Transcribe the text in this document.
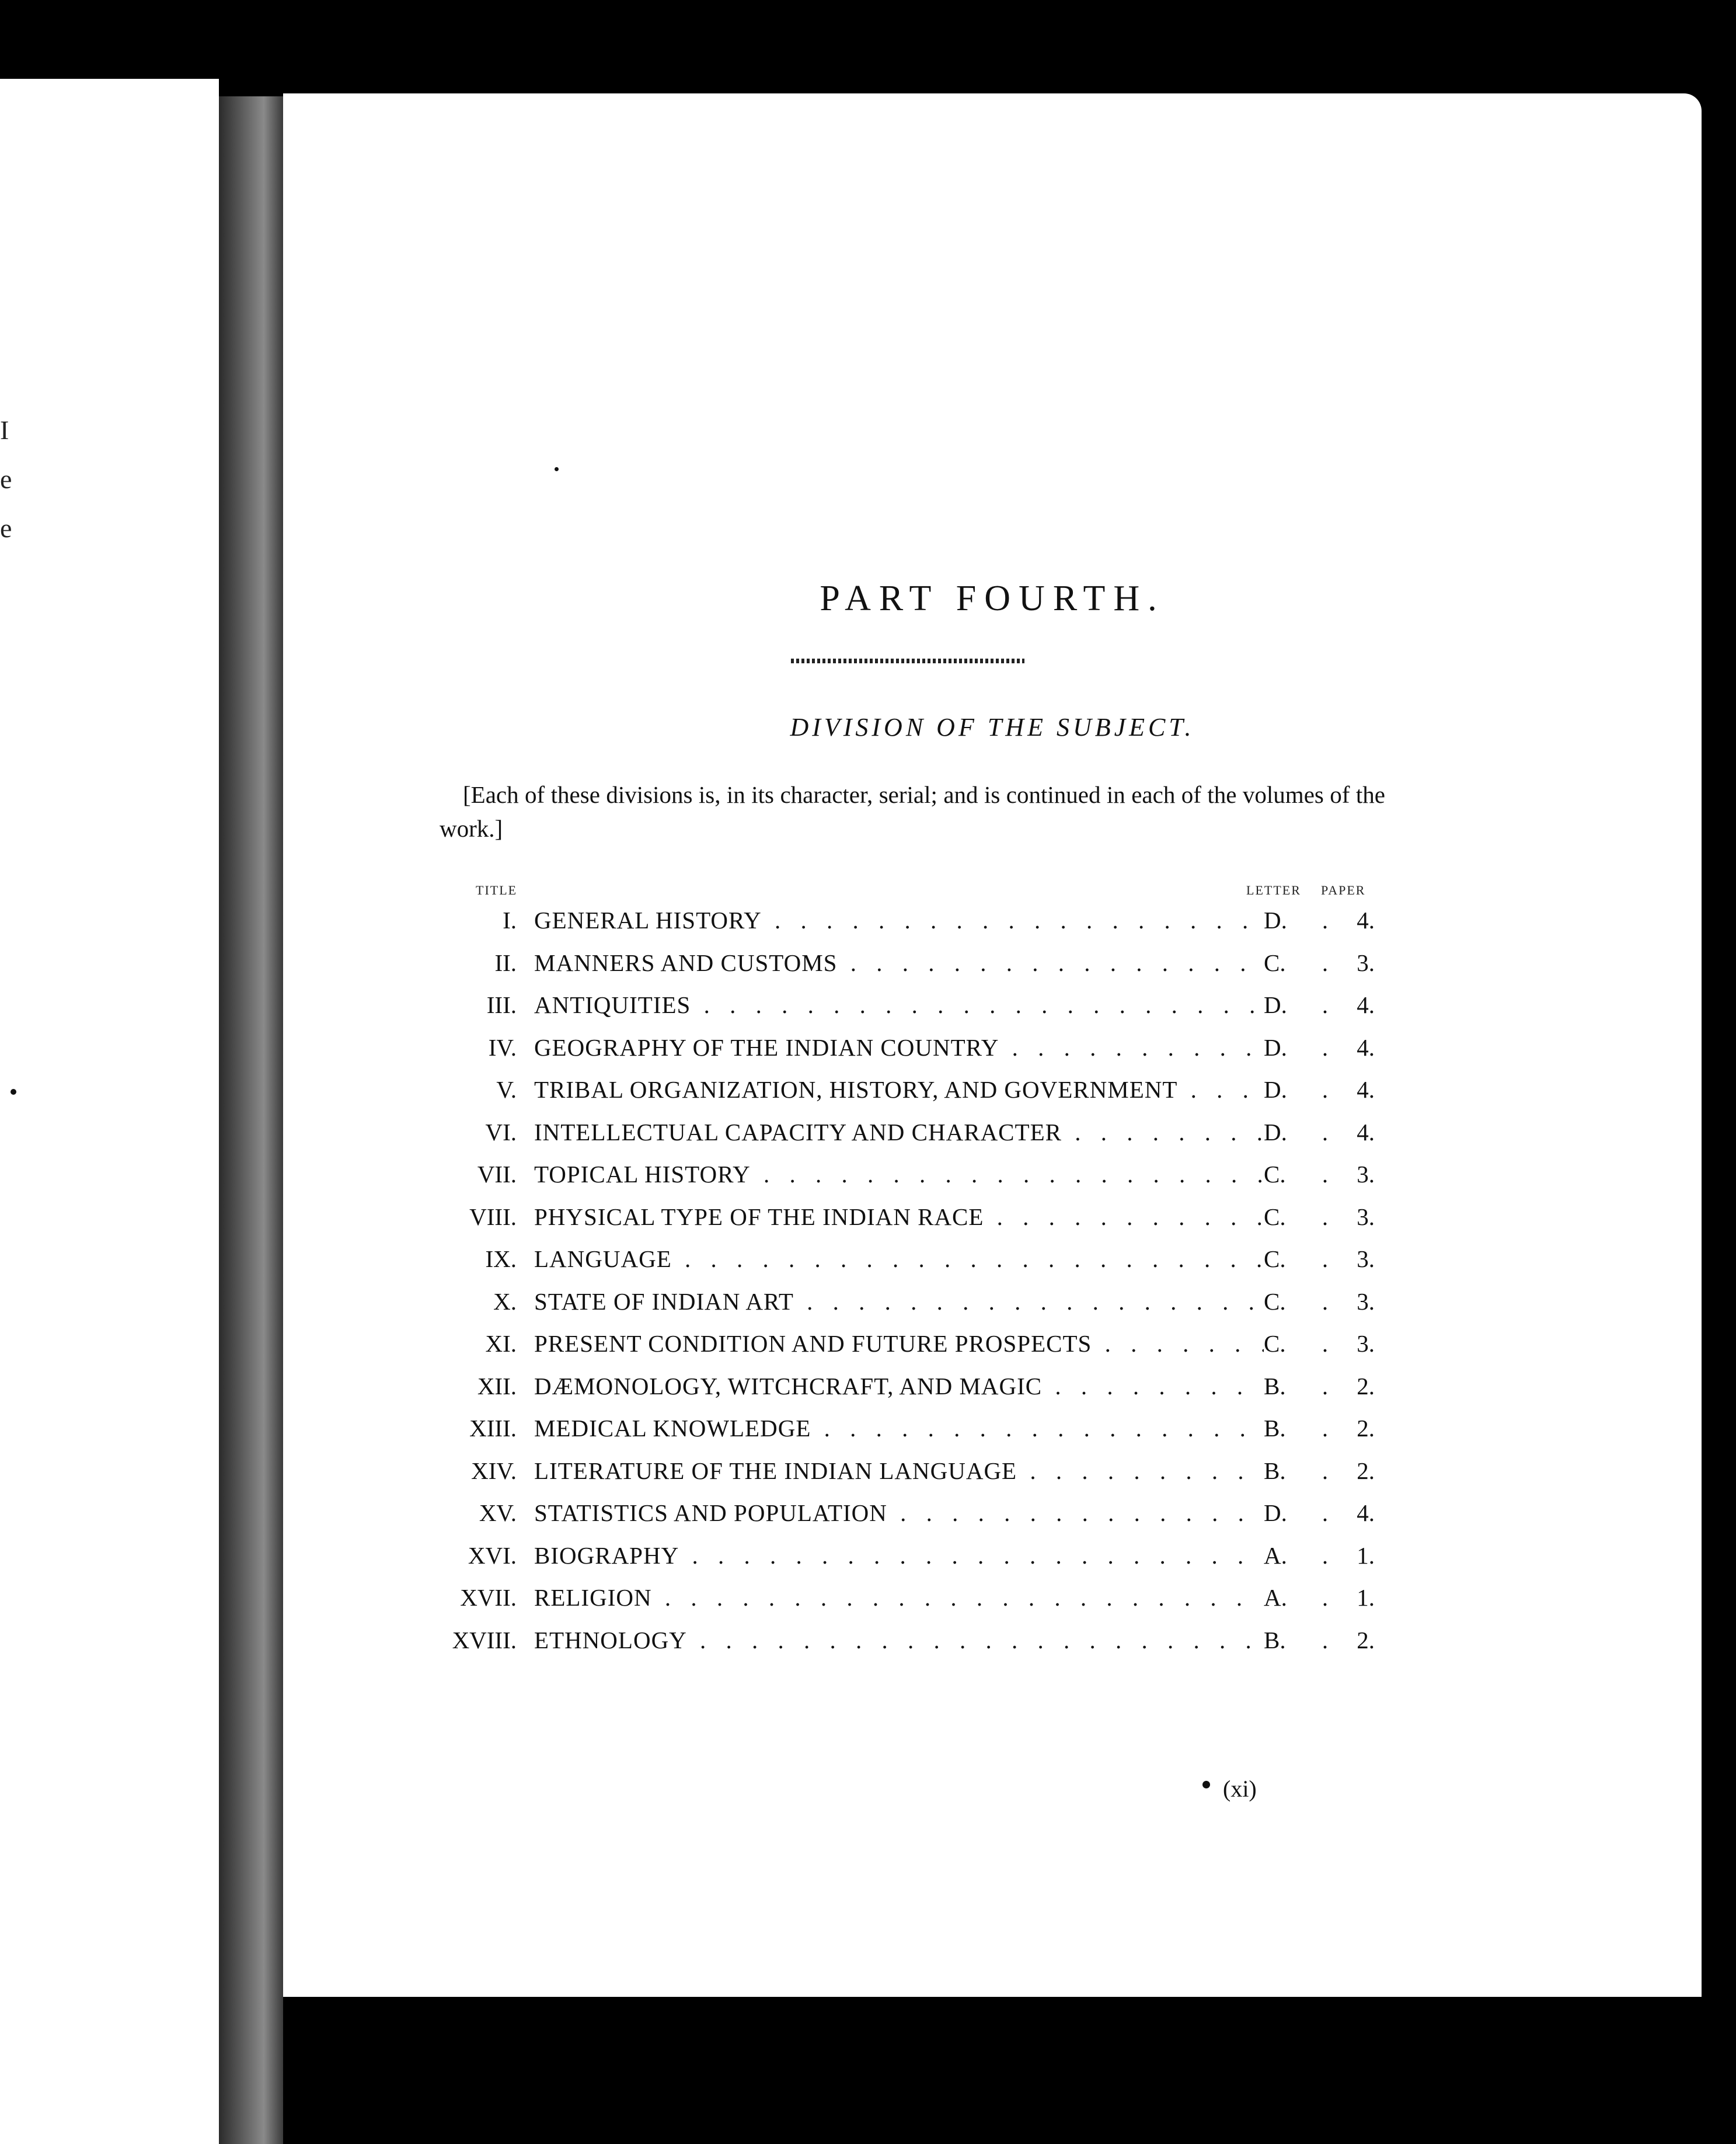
I
e
e
PART FOURTH.
DIVISION OF THE SUBJECT.
[Each of these divisions is, in its character, serial; and is continued in each of the volumes of the work.]
TITLE	LETTER PAPER
I. GENERAL HISTORY . . .	D.	.	4.
II. MANNERS AND CUSTOMS . . .	C.	.	3.
III. ANTIQUITIES . . .	D.	.	4.
IV. GEOGRAPHY OF THE INDIAN COUNTRY . . .	D.	.	4.
V. TRIBAL ORGANIZATION, HISTORY, AND GOVERNMENT . . .	D.	.	4.
VI. INTELLECTUAL CAPACITY AND CHARACTER . . .	D.	.	4.
VII. TOPICAL HISTORY . . .	C.	.	3.
VIII. PHYSICAL TYPE OF THE INDIAN RACE . . .	C.	.	3.
IX. LANGUAGE . . .	C.	.	3.
X. STATE OF INDIAN ART . . .	C.	.	3.
XI. PRESENT CONDITION AND FUTURE PROSPECTS . . .	C.	.	3.
XII. DÆMONOLOGY, WITCHCRAFT, AND MAGIC . . .	B.	.	2.
XIII. MEDICAL KNOWLEDGE . . .	B.	.	2.
XIV. LITERATURE OF THE INDIAN LANGUAGE . . .	B.	.	2.
XV. STATISTICS AND POPULATION . . .	D.	.	4.
XVI. BIOGRAPHY . . .	A.	.	1.
XVII. RELIGION . . .	A.	.	1.
XVIII. ETHNOLOGY . . .	B.	.	2.
(xi)
